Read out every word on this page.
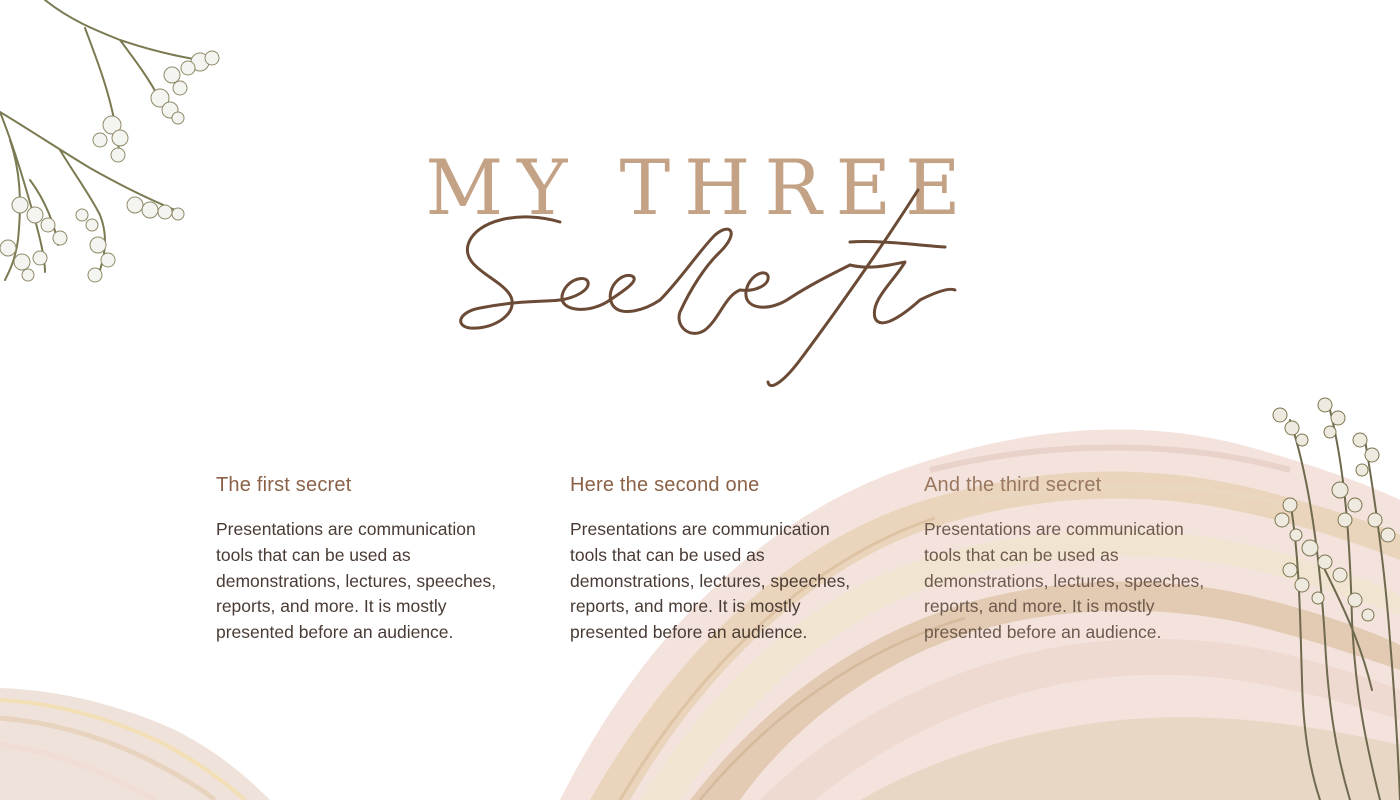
MY THREE
The first secret

Presentations are communication tools that can be used as demonstrations, lectures, speeches, reports, and more. It is mostly presented before an audience.

Here the second one

Presentations are communication tools that can be used as demonstrations, lectures, speeches, reports, and more. It is mostly presented before an audience.

And the third secret

Presentations are communication tools that can be used as demonstrations, lectures, speeches, reports, and more. It is mostly presented before an audience.
